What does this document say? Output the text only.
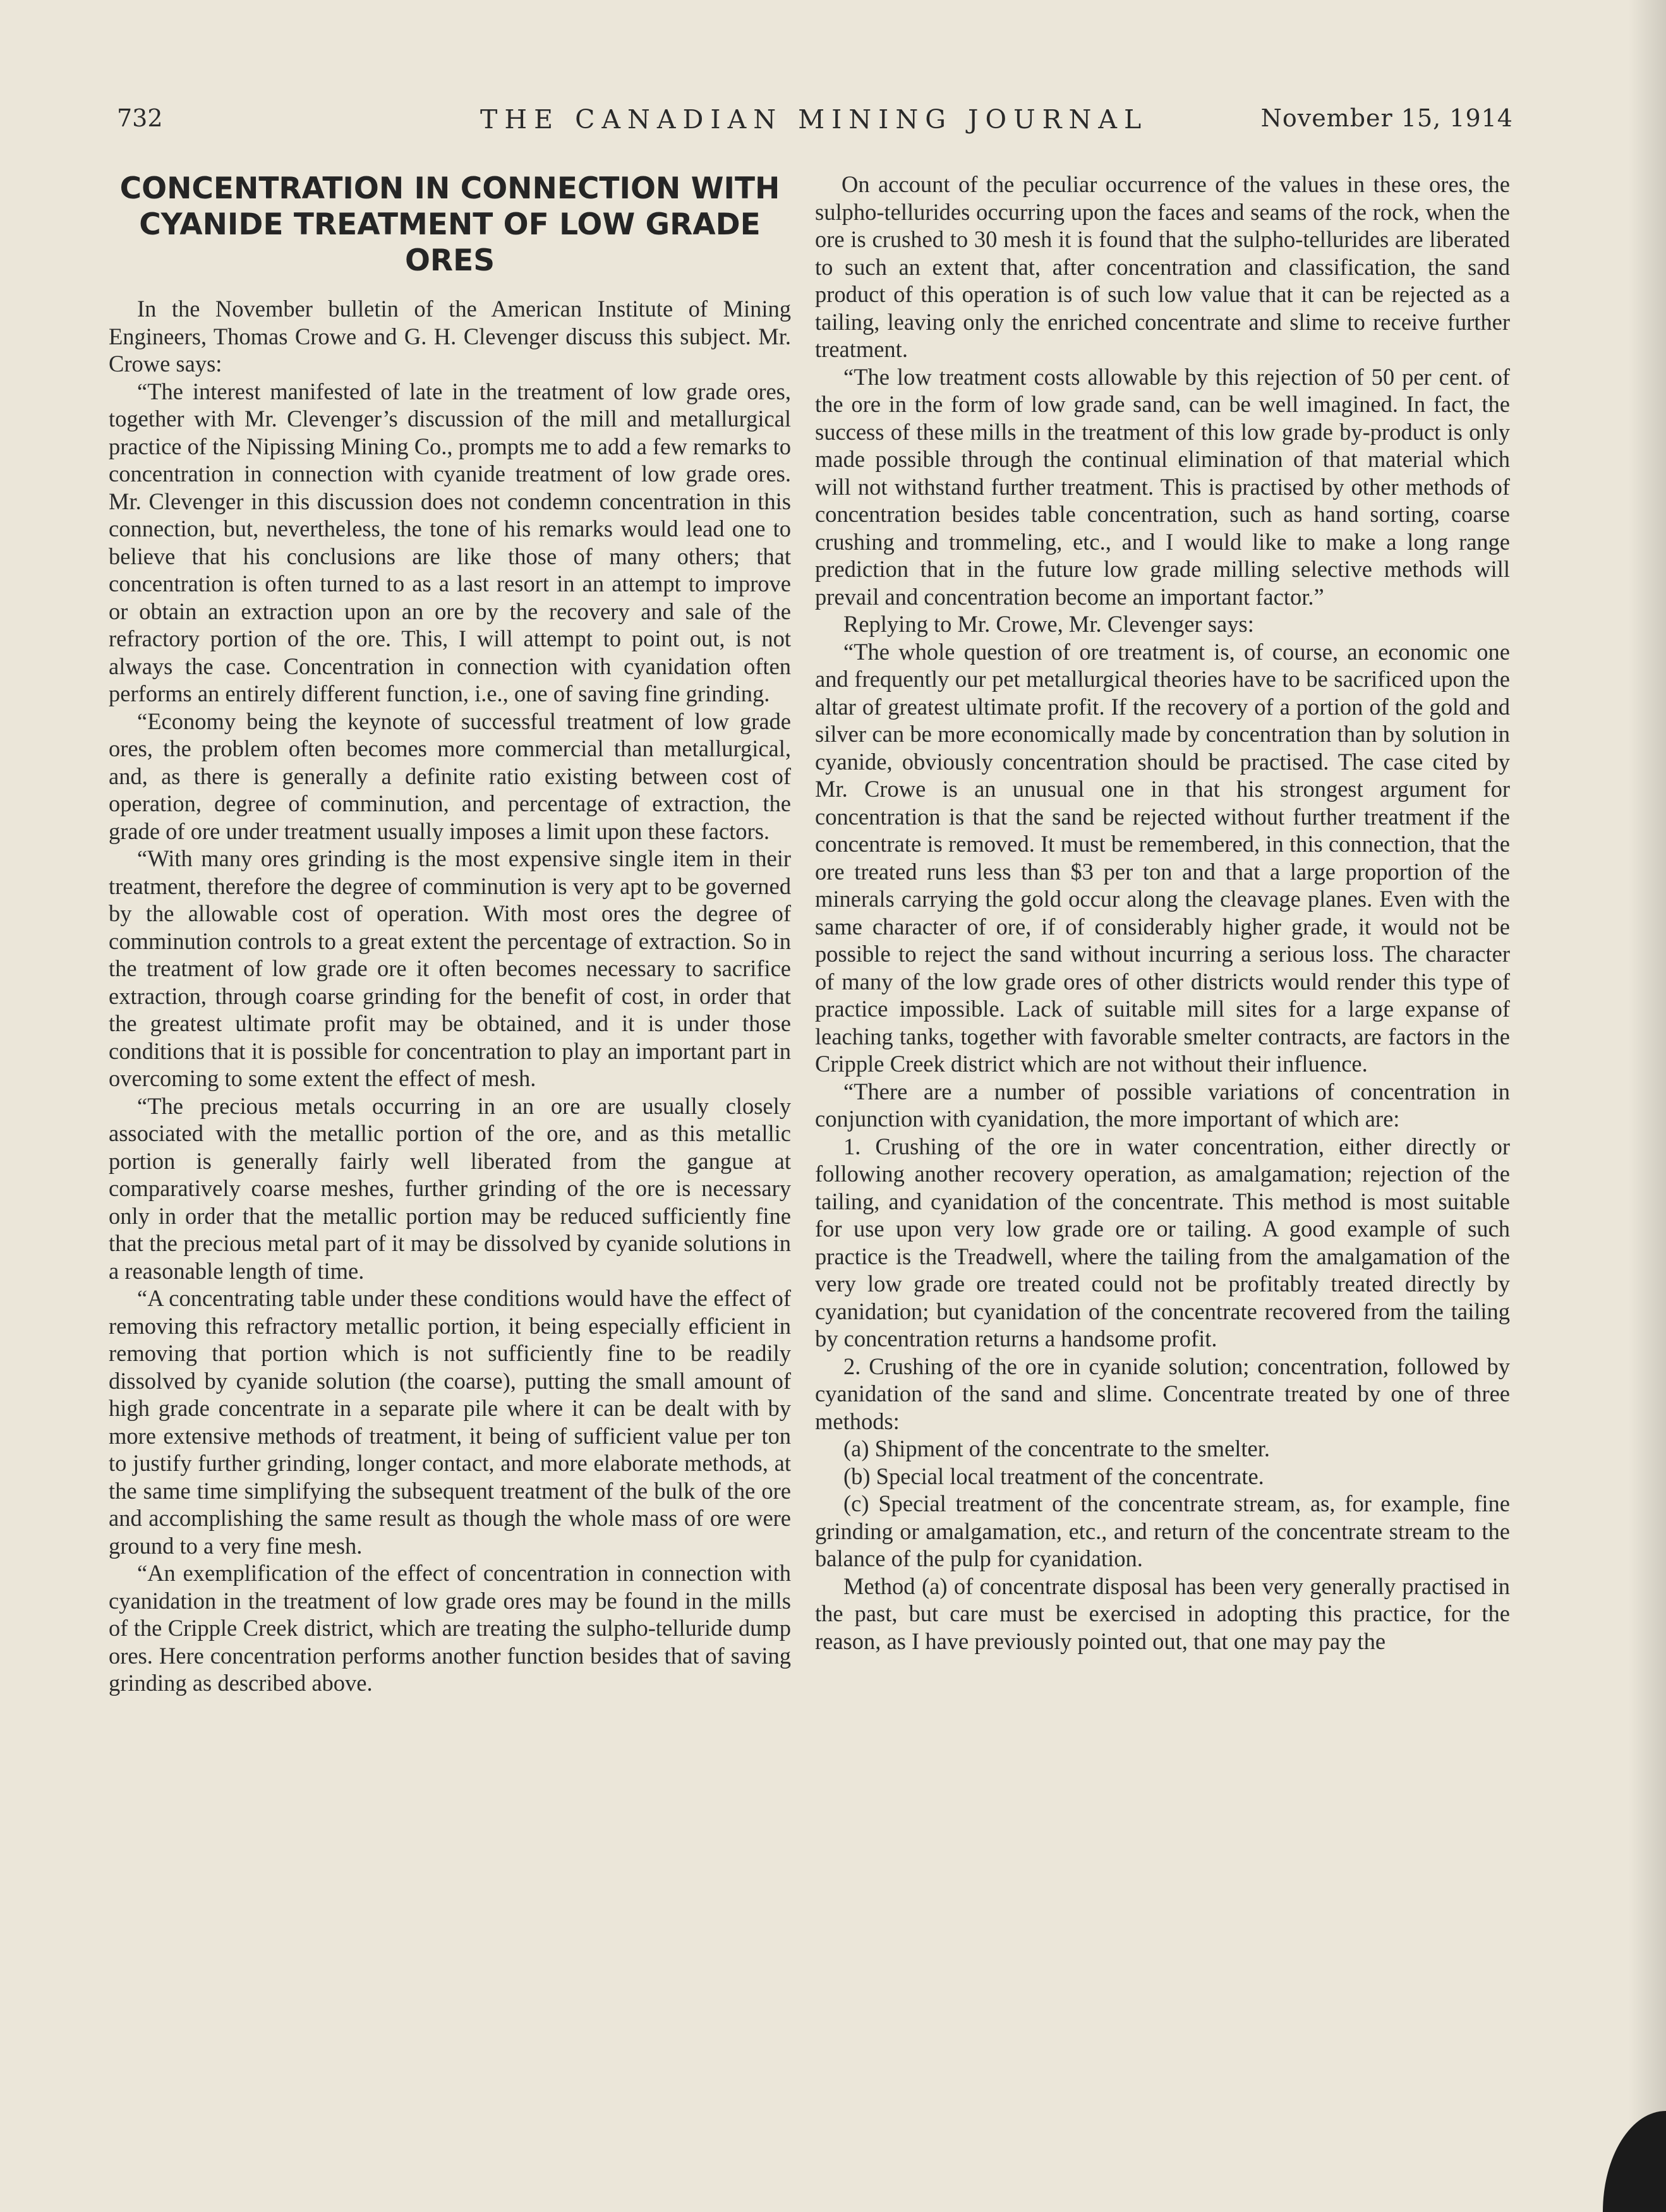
732	THE CANADIAN MINING JOURNAL	November 15, 1914
CONCENTRATION IN CONNECTION WITH CYANIDE TREATMENT OF LOW GRADE ORES

In the November bulletin of the American Institute of Mining Engineers, Thomas Crowe and G. H. Clevenger discuss this subject. Mr. Crowe says:

“The interest manifested of late in the treatment of low grade ores, together with Mr. Clevenger’s discussion of the mill and metallurgical practice of the Nipissing Mining Co., prompts me to add a few remarks to concentration in connection with cyanide treatment of low grade ores. Mr. Clevenger in this discussion does not condemn concentration in this connection, but, nevertheless, the tone of his remarks would lead one to believe that his conclusions are like those of many others; that concentration is often turned to as a last resort in an attempt to improve or obtain an extraction upon an ore by the recovery and sale of the refractory portion of the ore. This, I will attempt to point out, is not always the case. Concentration in connection with cyanidation often performs an entirely different function, i.e., one of saving fine grinding.

“Economy being the keynote of successful treatment of low grade ores, the problem often becomes more commercial than metallurgical, and, as there is generally a definite ratio existing between cost of operation, degree of comminution, and percentage of extraction, the grade of ore under treatment usually imposes a limit upon these factors.

“With many ores grinding is the most expensive single item in their treatment, therefore the degree of comminution is very apt to be governed by the allowable cost of operation. With most ores the degree of comminution controls to a great extent the percentage of extraction. So in the treatment of low grade ore it often becomes necessary to sacrifice extraction, through coarse grinding for the benefit of cost, in order that the greatest ultimate profit may be obtained, and it is under those conditions that it is possible for concentration to play an important part in overcoming to some extent the effect of mesh.

“The precious metals occurring in an ore are usually closely associated with the metallic portion of the ore, and as this metallic portion is generally fairly well liberated from the gangue at comparatively coarse meshes, further grinding of the ore is necessary only in order that the metallic portion may be reduced sufficiently fine that the precious metal part of it may be dissolved by cyanide solutions in a reasonable length of time.

“A concentrating table under these conditions would have the effect of removing this refractory metallic portion, it being especially efficient in removing that portion which is not sufficiently fine to be readily dissolved by cyanide solution (the coarse), putting the small amount of high grade concentrate in a separate pile where it can be dealt with by more extensive methods of treatment, it being of sufficient value per ton to justify further grinding, longer contact, and more elaborate methods, at the same time simplifying the subsequent treatment of the bulk of the ore and accomplishing the same result as though the whole mass of ore were ground to a very fine mesh.

“An exemplification of the effect of concentration in connection with cyanidation in the treatment of low grade ores may be found in the mills of the Cripple Creek district, which are treating the sulpho-telluride dump ores. Here concentration performs another function besides that of saving grinding as described above.

On account of the peculiar occurrence of the values in these ores, the sulpho-tellurides occurring upon the faces and seams of the rock, when the ore is crushed to 30 mesh it is found that the sulpho-tellurides are liberated to such an extent that, after concentration and classification, the sand product of this operation is of such low value that it can be rejected as a tailing, leaving only the enriched concentrate and slime to receive further treatment.

“The low treatment costs allowable by this rejection of 50 per cent. of the ore in the form of low grade sand, can be well imagined. In fact, the success of these mills in the treatment of this low grade by-product is only made possible through the continual elimination of that material which will not withstand further treatment. This is practised by other methods of concentration besides table concentration, such as hand sorting, coarse crushing and trommeling, etc., and I would like to make a long range prediction that in the future low grade milling selective methods will prevail and concentration become an important factor.”

Replying to Mr. Crowe, Mr. Clevenger says:

“The whole question of ore treatment is, of course, an economic one and frequently our pet metallurgical theories have to be sacrificed upon the altar of greatest ultimate profit. If the recovery of a portion of the gold and silver can be more economically made by concentration than by solution in cyanide, obviously concentration should be practised. The case cited by Mr. Crowe is an unusual one in that his strongest argument for concentration is that the sand be rejected without further treatment if the concentrate is removed. It must be remembered, in this connection, that the ore treated runs less than $3 per ton and that a large proportion of the minerals carrying the gold occur along the cleavage planes. Even with the same character of ore, if of considerably higher grade, it would not be possible to reject the sand without incurring a serious loss. The character of many of the low grade ores of other districts would render this type of practice impossible. Lack of suitable mill sites for a large expanse of leaching tanks, together with favorable smelter contracts, are factors in the Cripple Creek district which are not without their influence.

“There are a number of possible variations of concentration in conjunction with cyanidation, the more important of which are:

1. Crushing of the ore in water concentration, either directly or following another recovery operation, as amalgamation; rejection of the tailing, and cyanidation of the concentrate. This method is most suitable for use upon very low grade ore or tailing. A good example of such practice is the Treadwell, where the tailing from the amalgamation of the very low grade ore treated could not be profitably treated directly by cyanidation; but cyanidation of the concentrate recovered from the tailing by concentration returns a handsome profit.

2. Crushing of the ore in cyanide solution; concentration, followed by cyanidation of the sand and slime. Concentrate treated by one of three methods:

(a) Shipment of the concentrate to the smelter.

(b) Special local treatment of the concentrate.

(c) Special treatment of the concentrate stream, as, for example, fine grinding or amalgamation, etc., and return of the concentrate stream to the balance of the pulp for cyanidation.

Method (a) of concentrate disposal has been very generally practised in the past, but care must be exercised in adopting this practice, for the reason, as I have previously pointed out, that one may pay the
